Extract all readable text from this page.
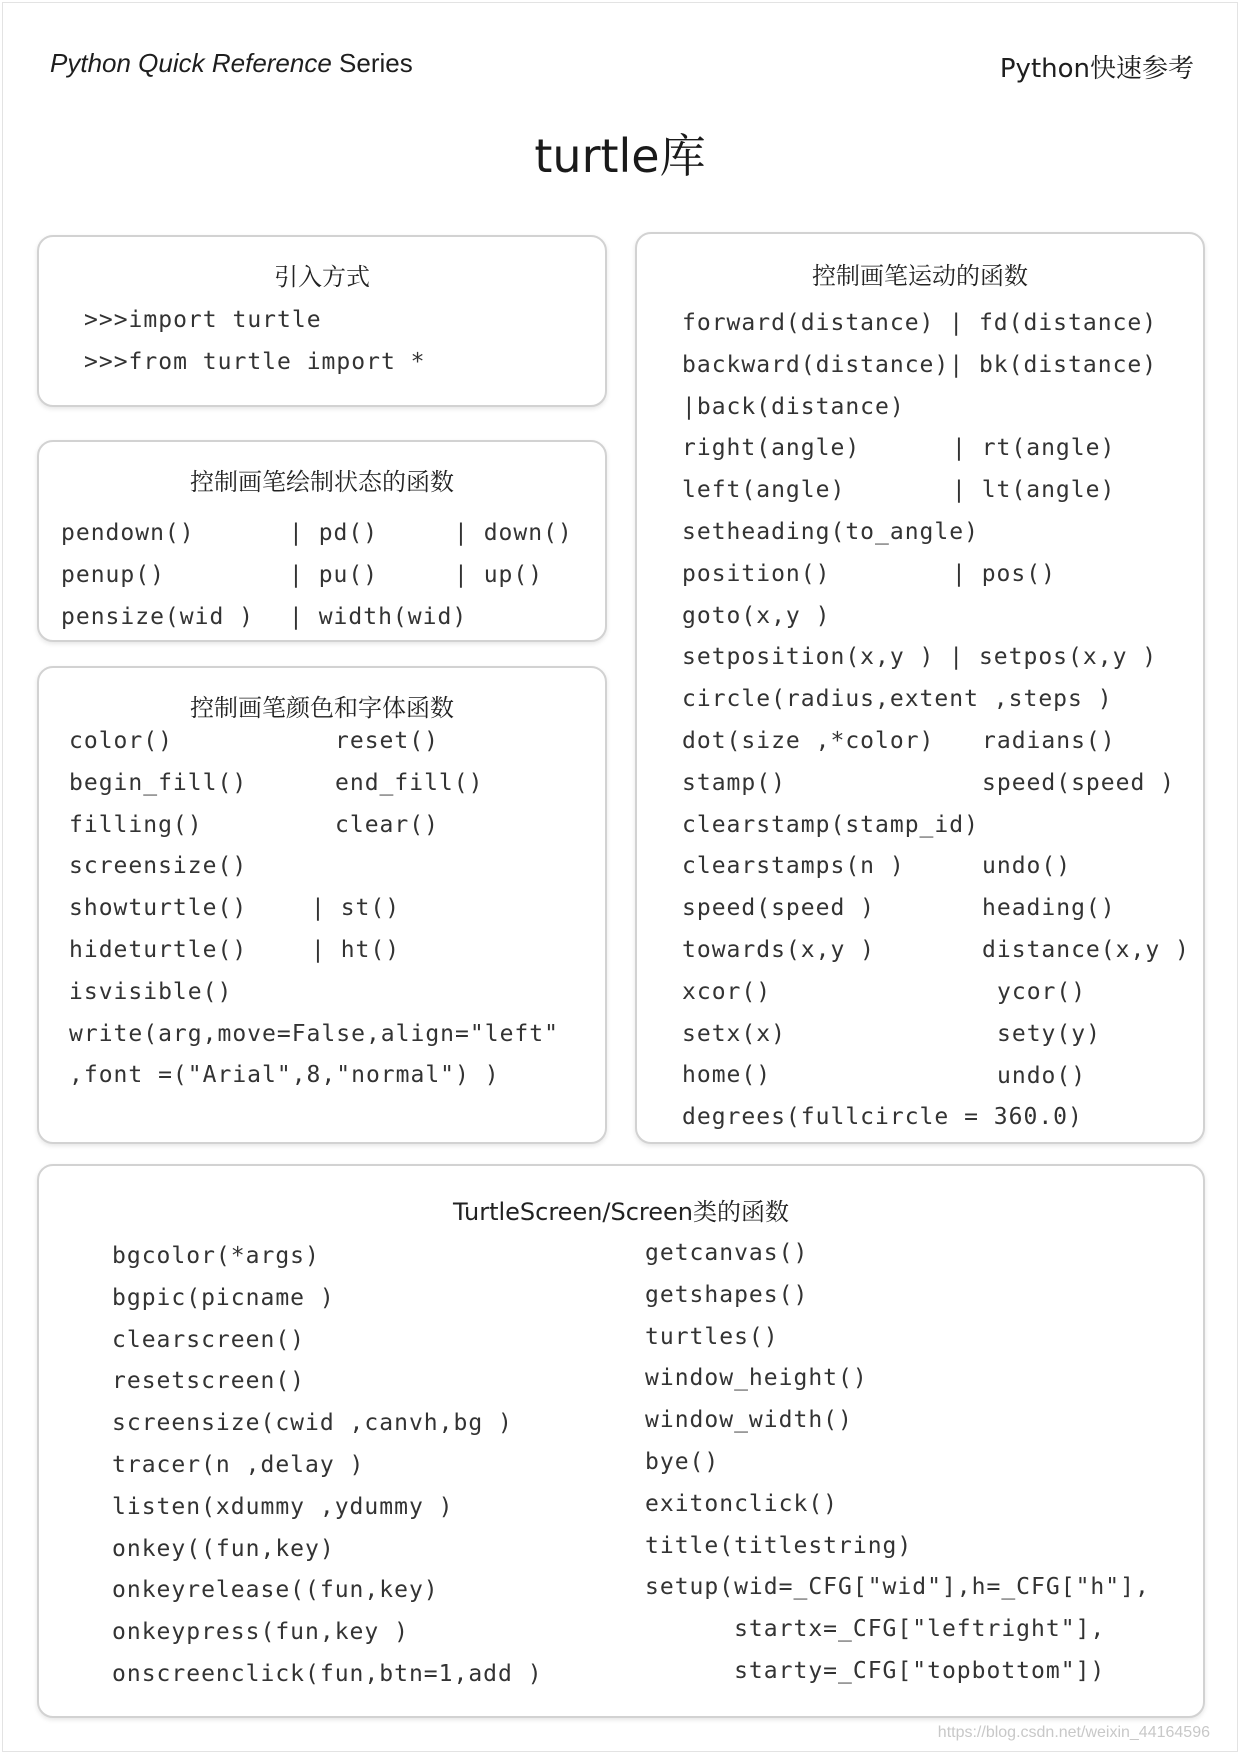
Python Quick Reference Series	Python快速参考
turtle库
引入方式
>>>import turtle
>>>from turtle import *
控制画笔绘制状态的函数
pendown()
penup()
pensize(wid )
| pd()
| pu()
| width(wid)
| down()
| up()
控制画笔颜色和字体函数
color()
begin_fill()
filling()
screensize()
showturtle()
hideturtle()
isvisible()
write(arg,move=False,align="left"
,font =("Arial",8,"normal") )
reset()
end_fill()
clear()
| st()
| ht()
控制画笔运动的函数
forward(distance) | fd(distance)
backward(distance)| bk(distance)
|back(distance)
right(angle)
left(angle)
setheading(to_angle)
position()
goto(x,y )
setposition(x,y ) | setpos(x,y )
circle(radius,extent ,steps )
dot(size ,*color)
stamp()
clearstamp(stamp_id)
clearstamps(n )
speed(speed )
towards(x,y )
xcor()
setx(x)
home()
degrees(fullcircle = 360.0)
| rt(angle)
| lt(angle)
| pos()
radians()
speed(speed )
undo()
heading()
distance(x,y )
ycor()
sety(y)
undo()
TurtleScreen/Screen类的函数
bgcolor(*args)
bgpic(picname )
clearscreen()
resetscreen()
screensize(cwid ,canvh,bg )
tracer(n ,delay )
listen(xdummy ,ydummy )
onkey((fun,key)
onkeyrelease((fun,key)
onkeypress(fun,key )
onscreenclick(fun,btn=1,add )
getcanvas()
getshapes()
turtles()
window_height()
window_width()
bye()
exitonclick()
title(titlestring)
setup(wid=_CFG["wid"],h=_CFG["h"],
startx=_CFG["leftright"],
starty=_CFG["topbottom"])
https://blog.csdn.net/weixin_44164596
